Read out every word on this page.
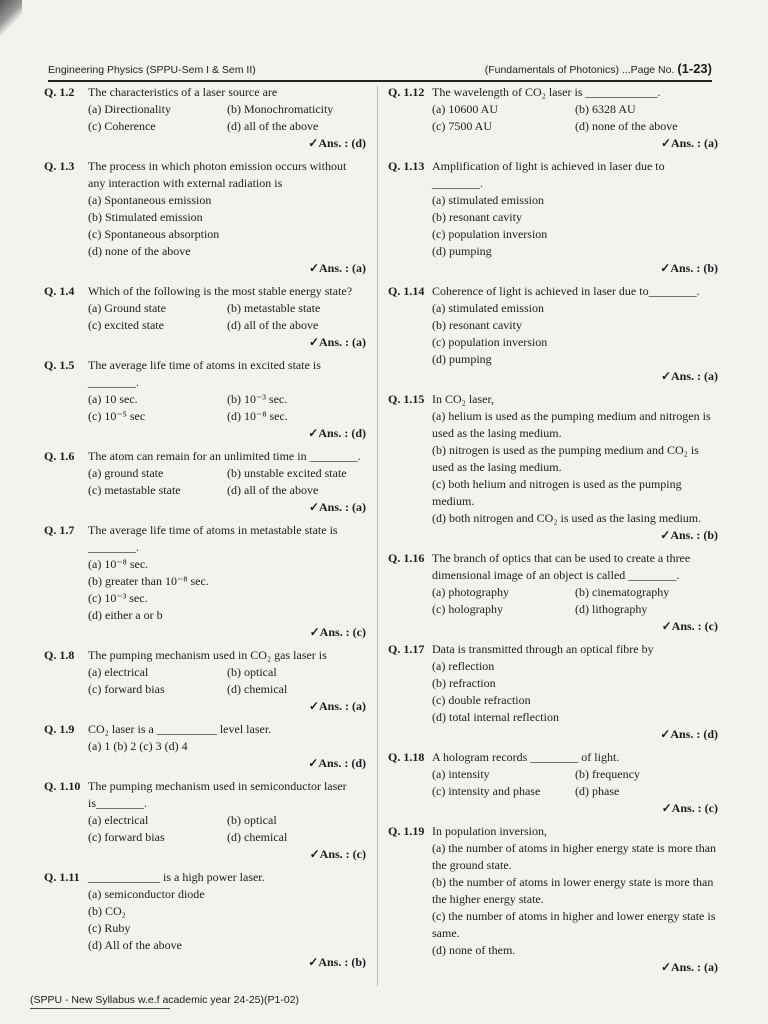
Engineering Physics (SPPU-Sem I & Sem II)	(Fundamentals of Photonics) ...Page No. (1-23)
Q. 1.2	The characteristics of a laser source are
(a) Directionality	(b) Monochromaticity
(c) Coherence	(d) all of the above
✓Ans. : (d)
Q. 1.3	The process in which photon emission occurs without any interaction with external radiation is
(a) Spontaneous emission
(b) Stimulated emission
(c) Spontaneous absorption
(d) none of the above
✓Ans. : (a)
Q. 1.4	Which of the following is the most stable energy state?
(a) Ground state	(b) metastable state
(c) excited state	(d) all of the above
✓Ans. : (a)
Q. 1.5	The average life time of atoms in excited state is ________.
(a) 10 sec.	(b) 10⁻³ sec.
(c) 10⁻⁵ sec	(d) 10⁻⁸ sec.
✓Ans. : (d)
Q. 1.6	The atom can remain for an unlimited time in ________.
(a) ground state	(b) unstable excited state
(c) metastable state	(d) all of the above
✓Ans. : (a)
Q. 1.7	The average life time of atoms in metastable state is ________.
(a) 10⁻⁸ sec.
(b) greater than 10⁻⁸ sec.
(c) 10⁻³ sec.
(d) either a or b
✓Ans. : (c)
Q. 1.8	The pumping mechanism used in CO₂ gas laser is
(a) electrical	(b) optical
(c) forward bias	(d) chemical
✓Ans. : (a)
Q. 1.9	CO₂ laser is a __________ level laser.
(a) 1 (b) 2 (c) 3 (d) 4
✓Ans. : (d)
Q. 1.10 The pumping mechanism used in semiconductor laser is________.
(a) electrical	(b) optical
(c) forward bias	(d) chemical
✓Ans. : (c)
Q. 1.11 ____________ is a high power laser.
(a) semiconductor diode
(b) CO₂
(c) Ruby
(d) All of the above
✓Ans. : (b)
Q. 1.12 The wavelength of CO₂ laser is ____________.
(a) 10600 AU	(b) 6328 AU
(c) 7500 AU	(d) none of the above
✓Ans. : (a)
Q. 1.13 Amplification of light is achieved in laser due to ________.
(a) stimulated emission
(b) resonant cavity
(c) population inversion
(d) pumping
✓Ans. : (b)
Q. 1.14 Coherence of light is achieved in laser due to________.
(a) stimulated emission
(b) resonant cavity
(c) population inversion
(d) pumping
✓Ans. : (a)
Q. 1.15 In CO₂ laser,
(a) helium is used as the pumping medium and nitrogen is used as the lasing medium.
(b) nitrogen is used as the pumping medium and CO₂ is used as the lasing medium.
(c) both helium and nitrogen is used as the pumping medium.
(d) both nitrogen and CO₂ is used as the lasing medium.
✓Ans. : (b)
Q. 1.16 The branch of optics that can be used to create a three dimensional image of an object is called ________.
(a) photography	(b) cinematography
(c) holography	(d) lithography
✓Ans. : (c)
Q. 1.17 Data is transmitted through an optical fibre by
(a) reflection
(b) refraction
(c) double refraction
(d) total internal reflection
✓Ans. : (d)
Q. 1.18 A hologram records ________ of light.
(a) intensity	(b) frequency
(c) intensity and phase	(d) phase
✓Ans. : (c)
Q. 1.19 In population inversion,
(a) the number of atoms in higher energy state is more than the ground state.
(b) the number of atoms in lower energy state is more than the higher energy state.
(c) the number of atoms in higher and lower energy state is same.
(d) none of them.
✓Ans. : (a)
(SPPU - New Syllabus w.e.f academic year 24-25)(P1-02)
